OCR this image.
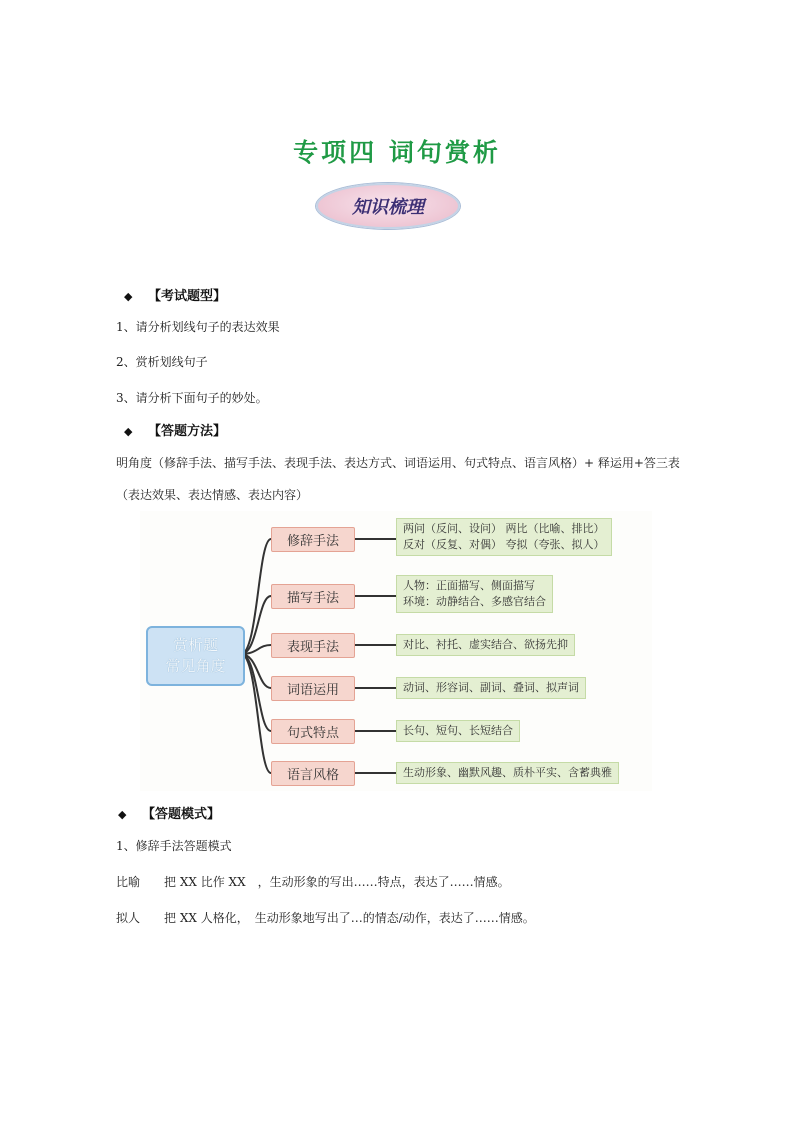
专项四 词句赏析
知识梳理
◆ 【考试题型】
1、请分析划线句子的表达效果
2、赏析划线句子
3、请分析下面句子的妙处。
◆ 【答题方法】
明角度（修辞手法、描写手法、表现手法、表达方式、词语运用、句式特点、语言风格）+ 释运用+答三表
（表达效果、表达情感、表达内容）
赏析题
常见角度
修辞手法
描写手法
表现手法
词语运用
句式特点
语言风格
两问（反问、设问） 两比（比喻、排比）
反对（反复、对偶） 夸拟（夸张、拟人）
人物：正面描写、侧面描写
环境：动静结合、多感官结合
对比、衬托、虚实结合、欲扬先抑
动词、形容词、副词、叠词、拟声词
长句、短句、长短结合
生动形象、幽默风趣、质朴平实、含蓄典雅
◆ 【答题模式】
1、修辞手法答题模式
比喻 把 XX 比作 XX　，生动形象的写出……特点，表达了……情感。
拟人 把 XX 人格化，　生动形象地写出了…的情态/动作，表达了……情感。
